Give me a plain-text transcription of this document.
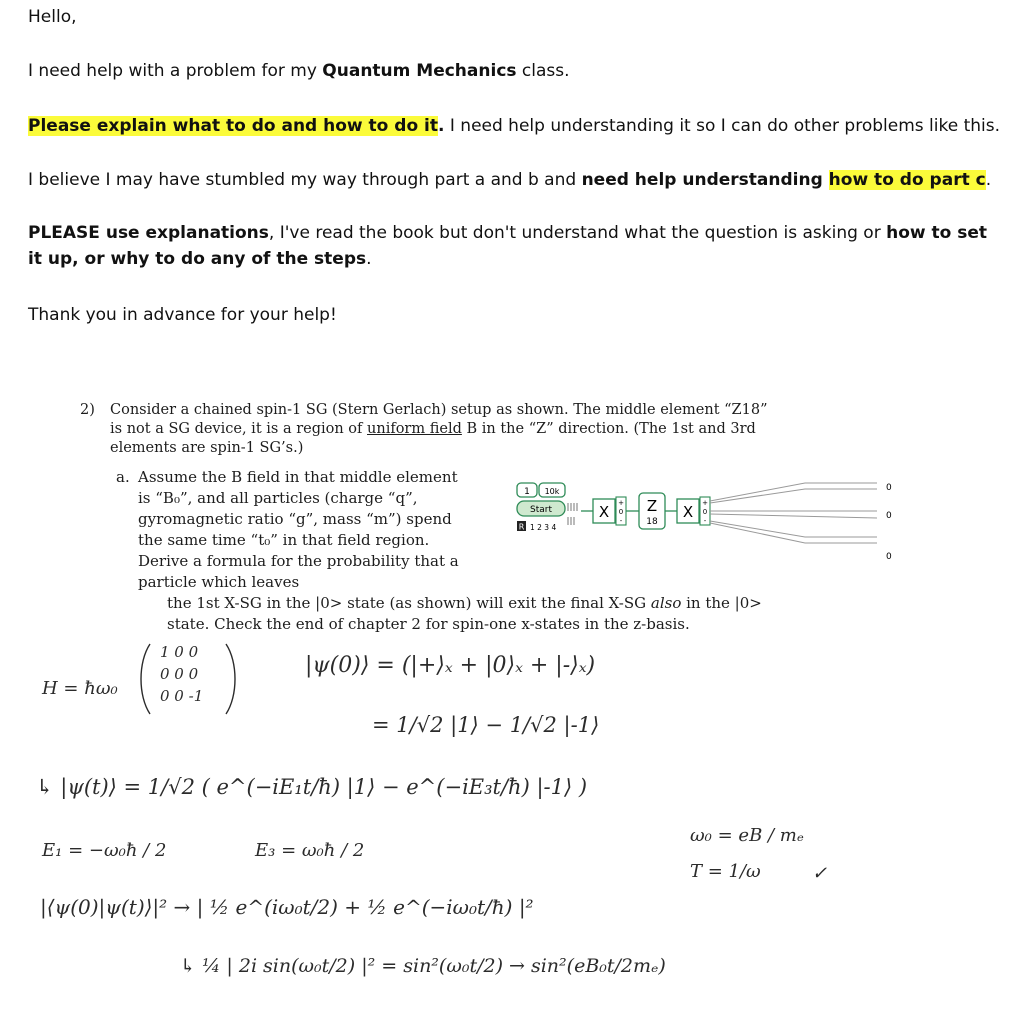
Hello,

I need help with a problem for my Quantum Mechanics class.

Please explain what to do and how to do it. I need help understanding it so I can do other problems like this.

I believe I may have stumbled my way through part a and b and need help understanding how to do part c.

PLEASE use explanations, I've read the book but don't understand what the question is asking or how to set it up, or why to do any of the steps.

Thank you in advance for your help!

2) Consider a chained spin-1 SG (Stern Gerlach) setup as shown. The middle element “Z18” is not a SG device, it is a region of uniform field B in the “Z” direction. (The 1st and 3rd elements are spin-1 SG’s.)
a. Assume the B field in that middle element is “B₀”, and all particles (charge “q”, gyromagnetic ratio “g”, mass “m”) spend the same time “t₀” in that field region. Derive a formula for the probability that a particle which leaves
the 1st X-SG in the |0> state (as shown) will exit the final X-SG also in the |0>
state. Check the end of chapter 2 for spin-one x-states in the z-basis.
1 10k
Start
R 1 2 3 4
X +
0
-
Z
18
X +
0
-
0
0
0
H = ħω₀
1 0 0
0 0 0
0 0 -1
|ψ(0)⟩ = (|+⟩ₓ + |0⟩ₓ + |-⟩ₓ)
= 1/√2 |1⟩ − 1/√2 |-1⟩
↳ |ψ(t)⟩ = 1/√2 ( e^(−iE₁t/ħ) |1⟩ − e^(−iE₃t/ħ) |-1⟩ )
E₁ = −ω₀ħ / 2	E₃ = ω₀ħ / 2
ω₀ = eB / mₑ
T = 1/ω	✓
|⟨ψ(0)|ψ(t)⟩|² → | ½ e^(iω₀t/2) + ½ e^(−iω₀t/ħ) |²
↳ ¼ | 2i sin(ω₀t/2) |² = sin²(ω₀t/2) → sin²(eB₀t/2mₑ)
